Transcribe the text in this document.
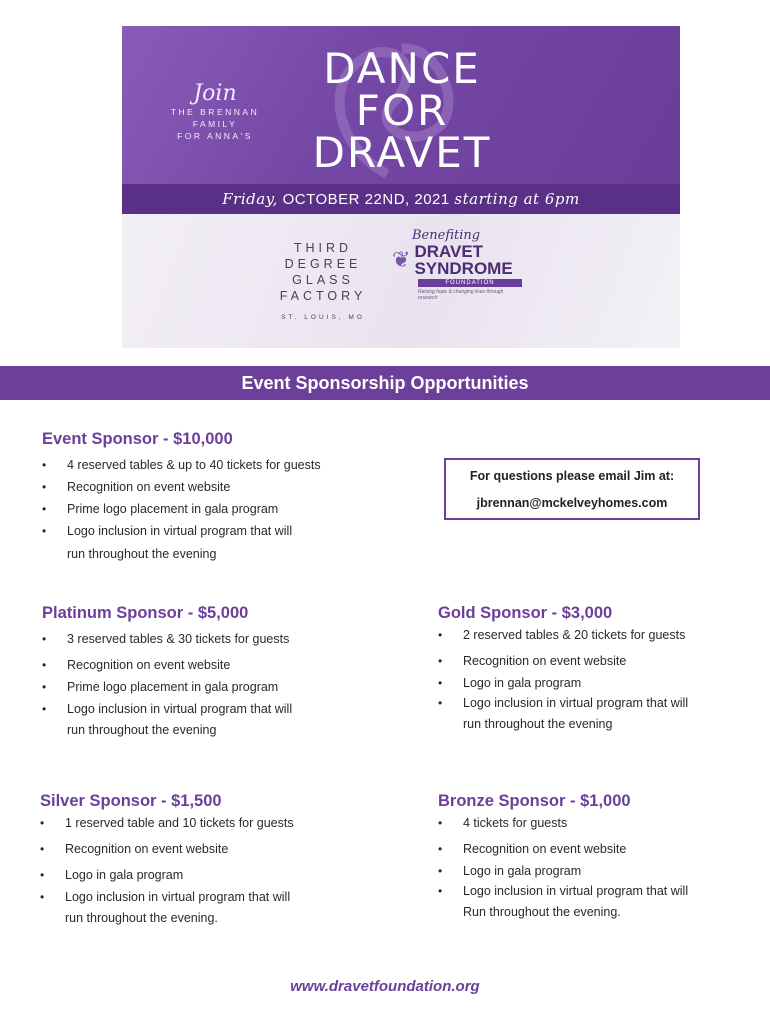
Join
THE BRENNAN
FAMILY
FOR ANNA'S
DANCE
FOR
DRAVET
Friday, OCTOBER 22ND, 2021 starting at 6pm
THIRD
DEGREE
GLASS
FACTORY
ST. LOUIS, MO
Benefiting
❦ DRAVET
SYNDROME
FOUNDATION
Raising hope & changing lives through research
Event Sponsorship Opportunities
Event Sponsor - $10,000
• 4 reserved tables & up to 40 tickets for guests
• Recognition on event website
• Prime logo placement in gala program
• Logo inclusion in virtual program that will
run throughout the evening
For questions please email Jim at:
jbrennan@mckelveyhomes.com
Platinum Sponsor - $5,000
• 3 reserved tables & 30 tickets for guests
• Recognition on event website
• Prime logo placement in gala program
• Logo inclusion in virtual program that will
run throughout the evening
Gold Sponsor - $3,000
• 2 reserved tables & 20 tickets for guests
• Recognition on event website
• Logo in gala program
• Logo inclusion in virtual program that will
run throughout the evening
Silver Sponsor - $1,500
• 1 reserved table and 10 tickets for guests
• Recognition on event website
• Logo in gala program
• Logo inclusion in virtual program that will
run throughout the evening.
Bronze Sponsor - $1,000
• 4 tickets for guests
• Recognition on event website
• Logo in gala program
• Logo inclusion in virtual program that will
Run throughout the evening.
www.dravetfoundation.org
